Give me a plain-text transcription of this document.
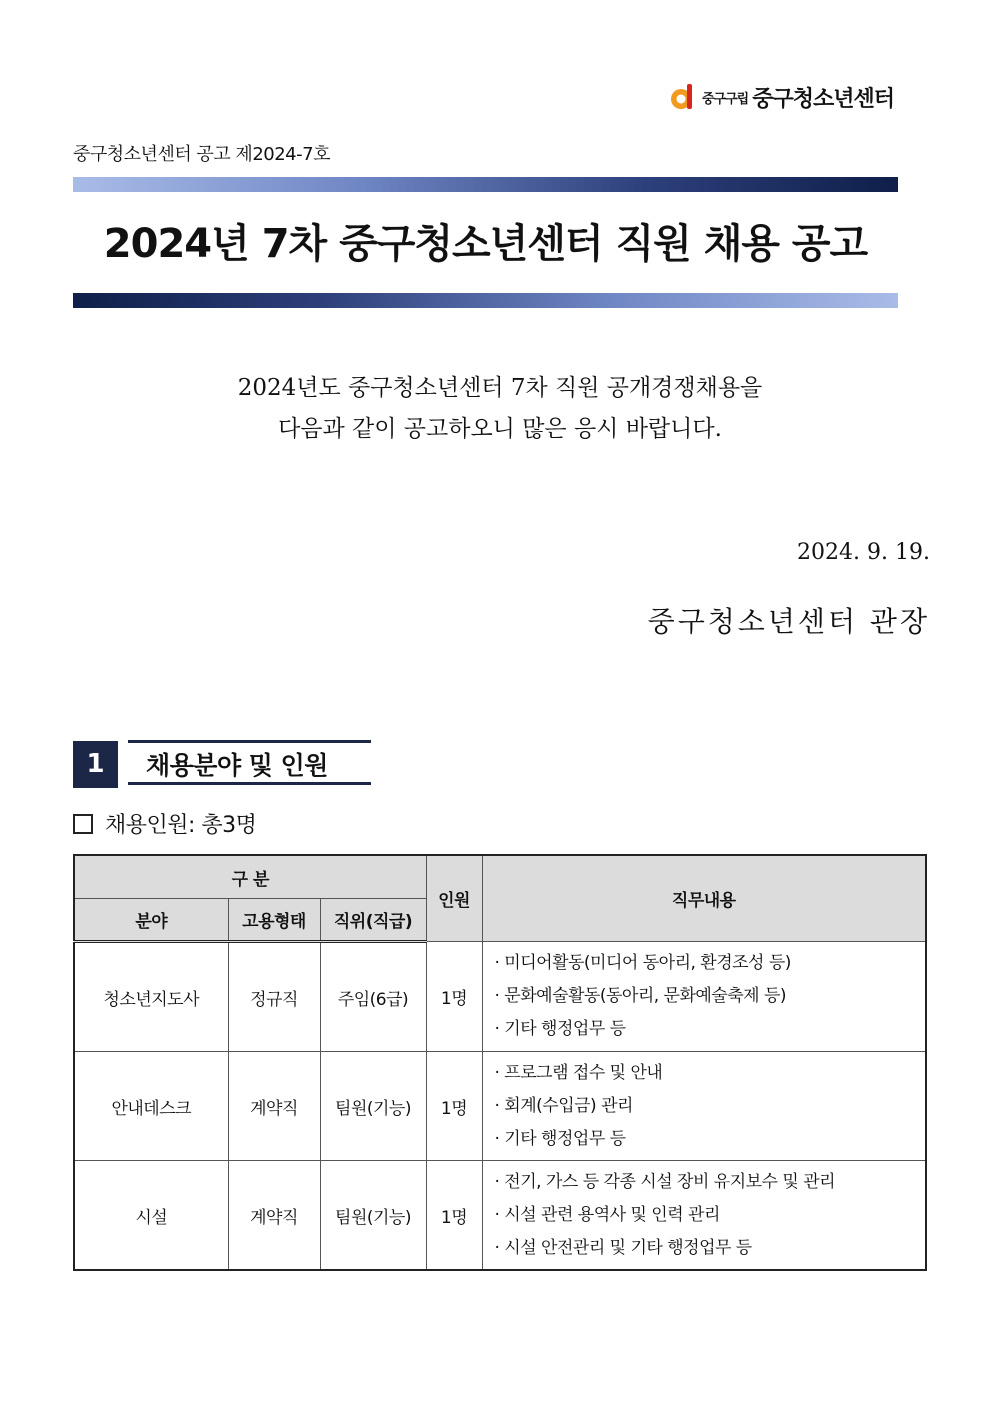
중구구립 중구청소년센터
중구청소년센터 공고 제2024-7호
2024년 7차 중구청소년센터 직원 채용 공고
2024년도 중구청소년센터 7차 직원 공개경쟁채용을
다음과 같이 공고하오니 많은 응시 바랍니다.
2024. 9. 19.
중구청소년센터 관장
1	채용분야 및 인원
채용인원: 총3명
구 분			인원	직무내용
분야	고용형태	직위(직급)		
청소년지도사	정규직	주임(6급)	1명	· 미디어활동(미디어 동아리, 환경조성 등)
· 문화예술활동(동아리, 문화예술축제 등)
· 기타 행정업무 등

안내데스크	계약직	팀원(기능)	1명	· 프로그램 접수 및 안내
· 회계(수입금) 관리
· 기타 행정업무 등

시설	계약직	팀원(기능)	1명	· 전기, 가스 등 각종 시설 장비 유지보수 및 관리
· 시설 관련 용역사 및 인력 관리
· 시설 안전관리 및 기타 행정업무 등
